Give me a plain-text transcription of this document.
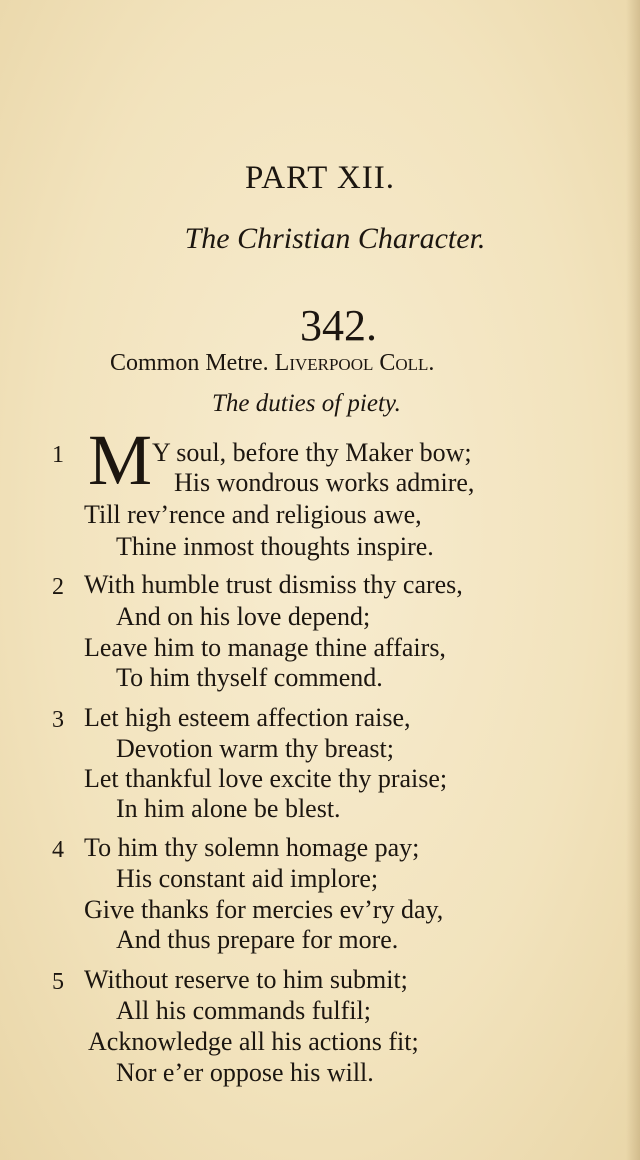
PART XII.
The Christian Character.
342.
Common Metre. Liverpool Coll.
The duties of piety.
1 M Y soul, before thy Maker bow;
His wondrous works admire,
Till rev’rence and religious awe,
Thine inmost thoughts inspire.
2 With humble trust dismiss thy cares,
And on his love depend;
Leave him to manage thine affairs,
To him thyself commend.
3 Let high esteem affection raise,
Devotion warm thy breast;
Let thankful love excite thy praise;
In him alone be blest.
4 To him thy solemn homage pay;
His constant aid implore;
Give thanks for mercies ev’ry day,
And thus prepare for more.
5 Without reserve to him submit;
All his commands fulfil;
Acknowledge all his actions fit;
Nor e’er oppose his will.
